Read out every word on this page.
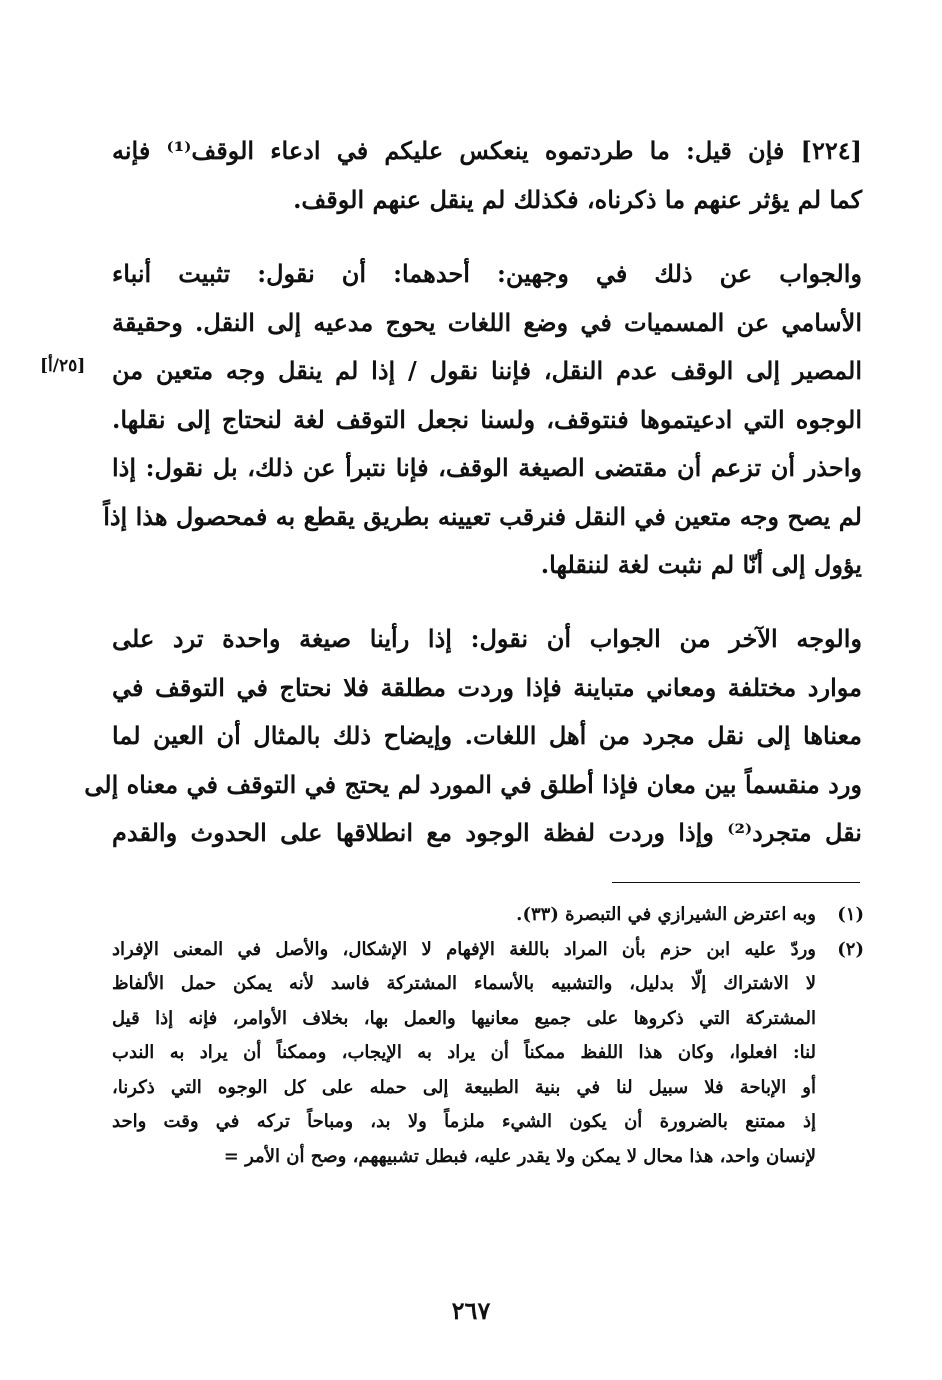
[٢٢٤] فإن قيل: ما طردتموه ينعكس عليكم في ادعاء الوقف⁽¹⁾ فإنه
كما لم يؤثر عنهم ما ذكرناه، فكذلك لم ينقل عنهم الوقف.
والجواب عن ذلك في وجهين: أحدهما: أن نقول: تثبيت أنباء
الأسامي عن المسميات في وضع اللغات يحوج مدعيه إلى النقل. وحقيقة
المصير إلى الوقف عدم النقل، فإننا نقول / إذا لم ينقل وجه متعين من
الوجوه التي ادعيتموها فنتوقف، ولسنا نجعل التوقف لغة لنحتاج إلى نقلها.
واحذر أن تزعم أن مقتضى الصيغة الوقف، فإنا نتبرأ عن ذلك، بل نقول: إذا
لم يصح وجه متعين في النقل فنرقب تعيينه بطريق يقطع به فمحصول هذا إذاً
يؤول إلى أنّا لم نثبت لغة لننقلها.
[٢٥/أ]
والوجه الآخر من الجواب أن نقول: إذا رأينا صيغة واحدة ترد على
موارد مختلفة ومعاني متباينة فإذا وردت مطلقة فلا نحتاج في التوقف في
معناها إلى نقل مجرد من أهل اللغات. وإيضاح ذلك بالمثال أن العين لما
ورد منقسماً بين معان فإذا أطلق في المورد لم يحتج في التوقف في معناه إلى
نقل متجرد⁽²⁾ وإذا وردت لفظة الوجود مع انطلاقها على الحدوث والقدم
(١)
وبه اعترض الشيرازي في التبصرة (٣٣).
(٢)
وردّ عليه ابن حزم بأن المراد باللغة الإفهام لا الإشكال، والأصل في المعنى الإفراد
لا الاشتراك إلّا بدليل، والتشبيه بالأسماء المشتركة فاسد لأنه يمكن حمل الألفاظ
المشتركة التي ذكروها على جميع معانيها والعمل بها، بخلاف الأوامر، فإنه إذا قيل
لنا: افعلوا، وكان هذا اللفظ ممكناً أن يراد به الإيجاب، وممكناً أن يراد به الندب
أو الإباحة فلا سبيل لنا في بنية الطبيعة إلى حمله على كل الوجوه التي ذكرنا،
إذ ممتنع بالضرورة أن يكون الشيء ملزماً ولا بد، ومباحاً تركه في وقت واحد
لإنسان واحد، هذا محال لا يمكن ولا يقدر عليه، فبطل تشبيههم، وصح أن الأمر =
٢٦٧
